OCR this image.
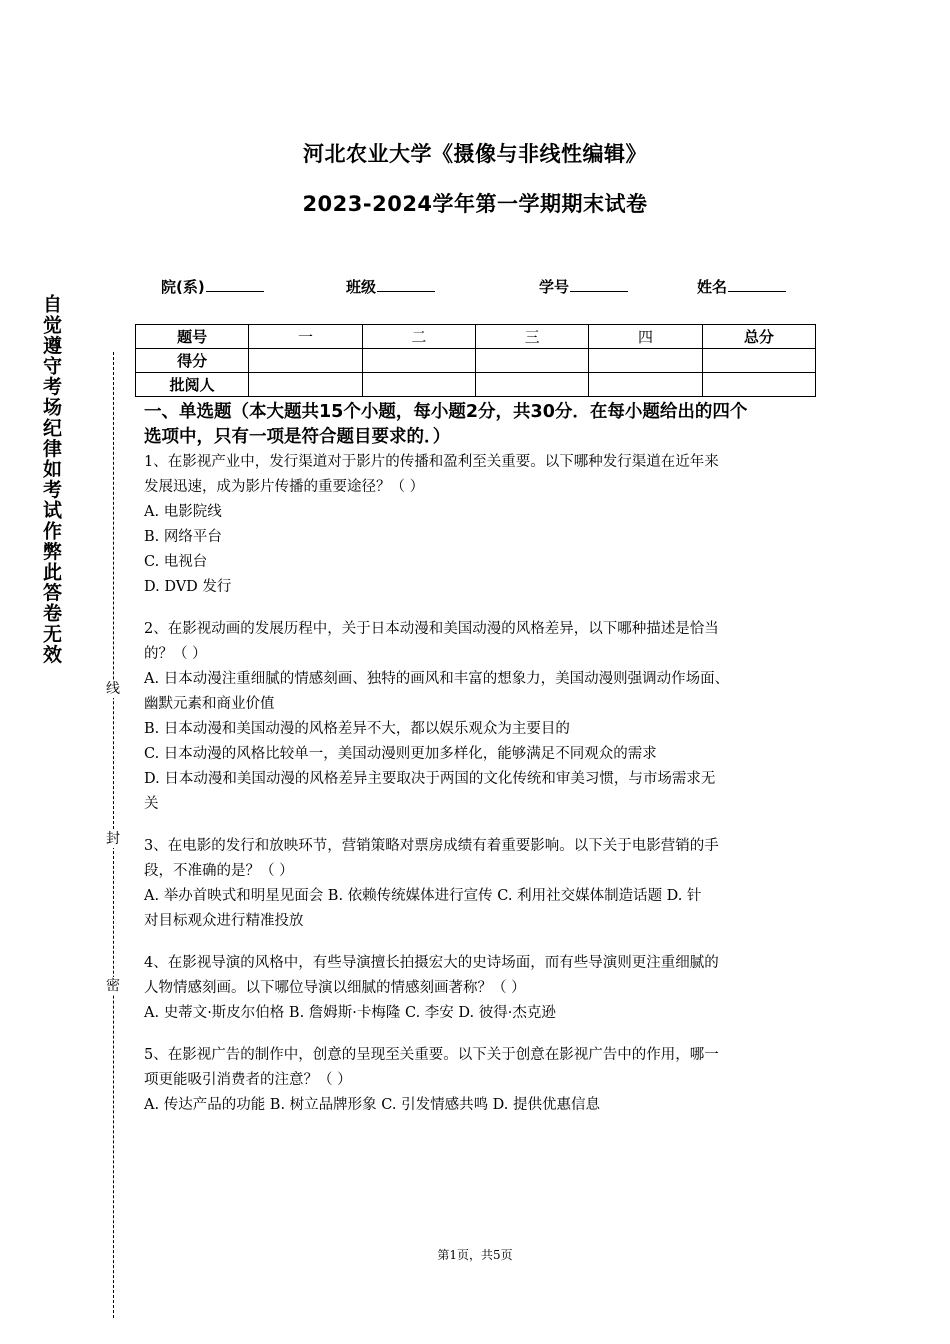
河北农业大学《摄像与非线性编辑》
2023-2024学年第一学期期末试卷
院(系)	班级	学号	姓名
自觉遵守考场纪律如考试作弊此答卷无效
线
封
密
题号	一	二	三	四	总分
得分					
批阅人					

一、单选题（本大题共15个小题，每小题2分，共30分．在每小题给出的四个

选项中，只有一项是符合题目要求的．）

1、在影视产业中，发行渠道对于影片的传播和盈利至关重要。以下哪种发行渠道在近年来

发展迅速，成为影片传播的重要途径？（ ）

A. 电影院线

B. 网络平台

C. 电视台

D. DVD 发行

2、在影视动画的发展历程中，关于日本动漫和美国动漫的风格差异，以下哪种描述是恰当

的？（ ）

A. 日本动漫注重细腻的情感刻画、独特的画风和丰富的想象力，美国动漫则强调动作场面、

幽默元素和商业价值

B. 日本动漫和美国动漫的风格差异不大，都以娱乐观众为主要目的

C. 日本动漫的风格比较单一，美国动漫则更加多样化，能够满足不同观众的需求

D. 日本动漫和美国动漫的风格差异主要取决于两国的文化传统和审美习惯，与市场需求无

关

3、在电影的发行和放映环节，营销策略对票房成绩有着重要影响。以下关于电影营销的手

段，不准确的是？（ ）

A. 举办首映式和明星见面会 B. 依赖传统媒体进行宣传 C. 利用社交媒体制造话题 D. 针

对目标观众进行精准投放

4、在影视导演的风格中，有些导演擅长拍摄宏大的史诗场面，而有些导演则更注重细腻的

人物情感刻画。以下哪位导演以细腻的情感刻画著称？（ ）

A. 史蒂文·斯皮尔伯格 B. 詹姆斯·卡梅隆 C. 李安 D. 彼得·杰克逊

5、在影视广告的制作中，创意的呈现至关重要。以下关于创意在影视广告中的作用，哪一

项更能吸引消费者的注意？（ ）

A. 传达产品的功能 B. 树立品牌形象 C. 引发情感共鸣 D. 提供优惠信息

第1页，共5页
